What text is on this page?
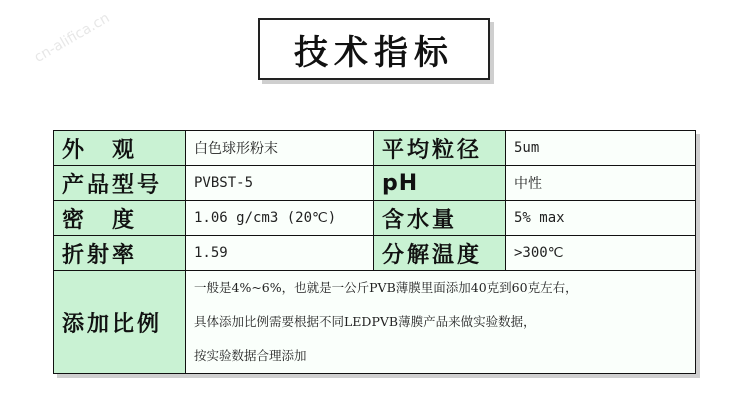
cn-alifica.cn	技术指标
外　观	白色球形粉末	平均粒径	5um
产品型号	PVBST-5	pH	中性
密　度	1.06 g/cm3 (20℃)	含水量	5% max
折射率	1.59	分解温度	>300℃
添加比例	一般是4%~6%，也就是一公斤PVB薄膜里面添加40克到60克左右，
具体添加比例需要根据不同LEDPVB薄膜产品来做实验数据，
按实验数据合理添加		
